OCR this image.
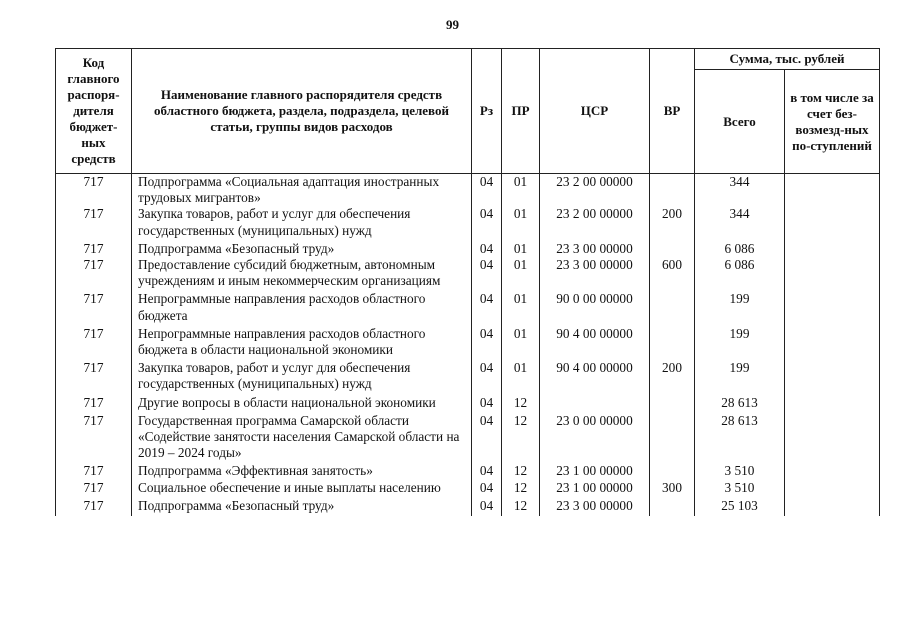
99
Код главного распоря-дителя бюджет-ных средств	Наименование главного распорядителя средств областного бюджета, раздела, подраздела, целевой статьи, группы видов расходов	Рз	ПР	ЦСР	ВР	Сумма, тыс. рублей	
						Всего	в том числе за счет без-возмезд-ных по-ступлений
717	Подпрограмма «Социальная адаптация иностранных трудовых мигрантов»	04	01	23 2 00 00000		344	
717	Закупка товаров, работ и услуг для обеспечения государственных (муниципальных) нужд	04	01	23 2 00 00000	200	344	
717	Подпрограмма «Безопасный труд»	04	01	23 3 00 00000		6 086	
717	Предоставление субсидий бюджетным, автономным учреждениям и иным некоммерческим организациям	04	01	23 3 00 00000	600	6 086	
717	Непрограммные направления расходов областного бюджета	04	01	90 0 00 00000		199	
717	Непрограммные направления расходов областного бюджета в области национальной экономики	04	01	90 4 00 00000		199	
717	Закупка товаров, работ и услуг для обеспечения государственных (муниципальных) нужд	04	01	90 4 00 00000	200	199	
717	Другие вопросы в области национальной экономики	04	12			28 613	
717	Государственная программа Самарской области «Содействие занятости населения Самарской области на 2019 – 2024 годы»	04	12	23 0 00 00000		28 613	
717	Подпрограмма «Эффективная занятость»	04	12	23 1 00 00000		3 510	
717	Социальное обеспечение и иные выплаты населению	04	12	23 1 00 00000	300	3 510	
717	Подпрограмма «Безопасный труд»	04	12	23 3 00 00000		25 103	
